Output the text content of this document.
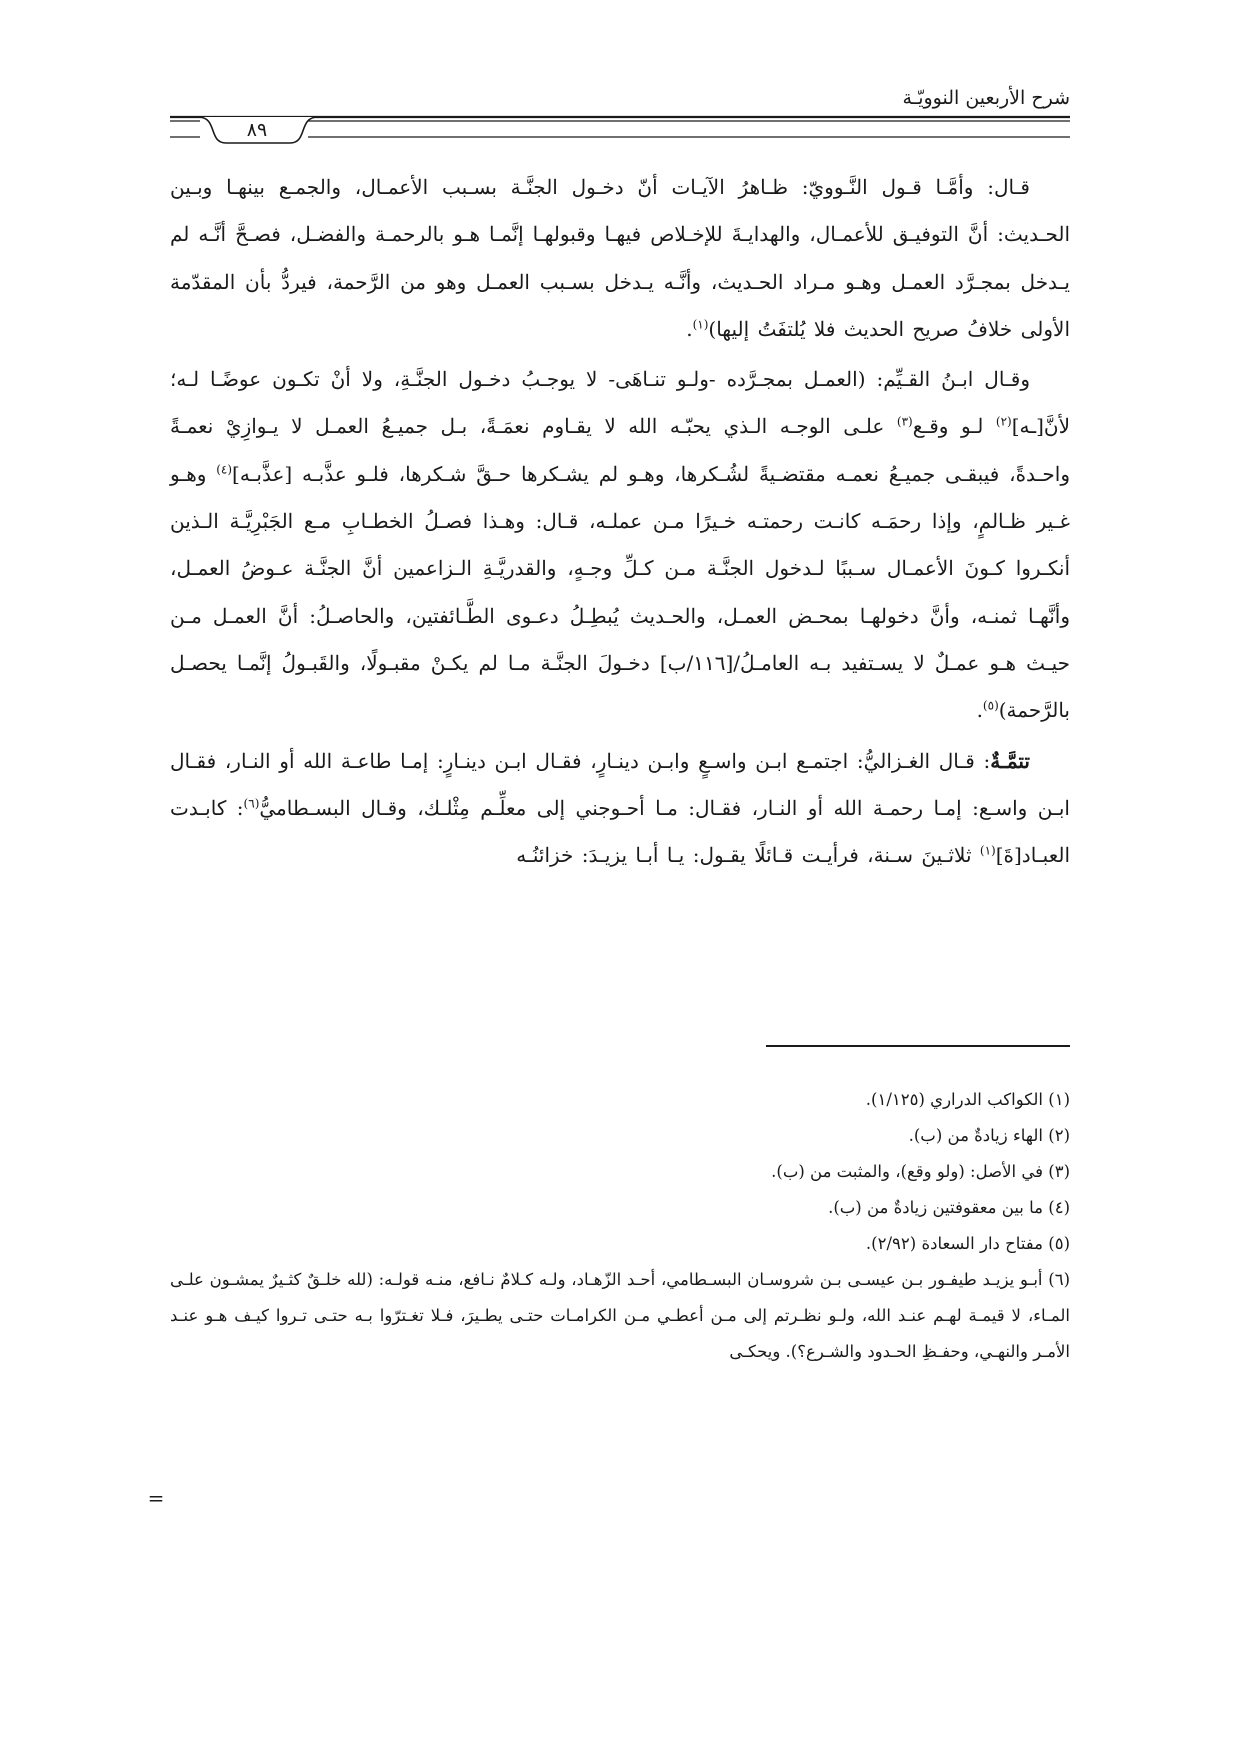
شرح الأربعين النوويّـة
٨٩

قـال: وأمَّـا قـول النَّـوويّ: ظـاهرُ الآيـات أنّ دخـول الجنَّـة بسـبب الأعمـال، والجمـع بينهـا وبـين الحـديث: أنَّ التوفيـق للأعمـال، والهدايـةَ للإخـلاص فيهـا وقبولهـا إنَّمـا هـو بالرحمـة والفضـل، فصـحَّ أنَّـه لم يـدخل بمجـرَّد العمـل وهـو مـراد الحـديث، وأنَّـه يـدخل بسـبب العمـل وهو من الرَّحمة، فيردُّ بأن المقدّمة الأولى خلافُ صريح الحديث فلا يُلتفَتُ إليها)$^{(١)}$.

وقـال ابـنُ القـيِّم: (العمـل بمجـرَّده -ولـو تنـاهَى- لا يوجـبُ دخـول الجنَّـةِ، ولا أنْ تكـون عوضًـا لـه؛ لأنَّ[ـه]$^{(٢)}$ لـو وقـع$^{(٣)}$ علـى الوجـه الـذي يحبّـه الله لا يقـاوم نعمَـةً، بـل جميـعُ العمـل لا يـوازِيْ نعمـةً واحـدةً، فيبقـى جميـعُ نعمـه مقتضـيةً لشُـكرها، وهـو لم يشـكرها حـقَّ شـكرها، فلـو عذَّبـه [عذَّبـه]$^{(٤)}$ وهـو غـير ظـالمٍ، وإذا رحمَـه كانـت رحمتـه خـيرًا مـن عملـه، قـال: وهـذا فصـلُ الخطـابِ مـع الجَبْرِيَّـة الـذين أنكـروا كـونَ الأعمـال سـببًا لـدخول الجنَّـة مـن كـلِّ وجـهٍ، والقدريَّـةِ الـزاعمين أنَّ الجنَّـة عـوضُ العمـل، وأنَّهـا ثمنـه، وأنَّ دخولهـا بمحـض العمـل، والحـديث يُبطِـلُ دعـوى الطَّـائفتين، والحاصـلُ: أنَّ العمـل مـن حيـث هـو عمـلٌ لا يسـتفيد بـه العامـلُ/[١١٦/ب] دخـولَ الجنَّـة مـا لم يكـنْ مقبـولًا، والقَبـولُ إنَّمـا يحصـل بالرَّحمة)$^{(٥)}$.

تتمَّـةٌ: قـال الغـزاليُّ: اجتمـع ابـن واسـعٍ وابـن دينـارٍ، فقـال ابـن دينـارٍ: إمـا طاعـة الله أو النـار، فقـال ابـن واسـع: إمـا رحمـة الله أو النـار، فقـال: مـا أحـوجني إلى معلِّـم مِثْلـك، وقـال البسـطاميُّ$^{(٦)}$: كابـدت العبـاد[ةَ]$^{(١)}$ ثلاثـينَ سـنة، فرأيـت قـائلًا يقـول: يـا أبـا يزيـدَ: خزائنُـه

(١) الكواكب الدراري (١/١٢٥).

(٢) الهاء زيادةٌ من (ب).

(٣) في الأصل: (ولو وقع)، والمثبت من (ب).

(٤) ما بين معقوفتين زيادةٌ من (ب).

(٥) مفتاح دار السعادة (٢/٩٢).

(٦) أبـو يزيـد طيفـور بـن عيسـى بـن شروسـان البسـطامي، أحـد الزّهـاد، ولـه كـلامٌ نـافع، منـه قولـه: (لله خلـقٌ كثـيرٌ يمشـون علـى المـاء، لا قيمـة لهـم عنـد الله، ولـو نظـرتم إلى مـن أعطـي مـن الكرامـات حتـى يطـيرَ، فـلا تغـترّوا بـه حتـى تـروا كيـف هـو عنـد الأمـر والنهـي، وحفـظِ الحـدود والشـرع؟). ويحكـى

=
